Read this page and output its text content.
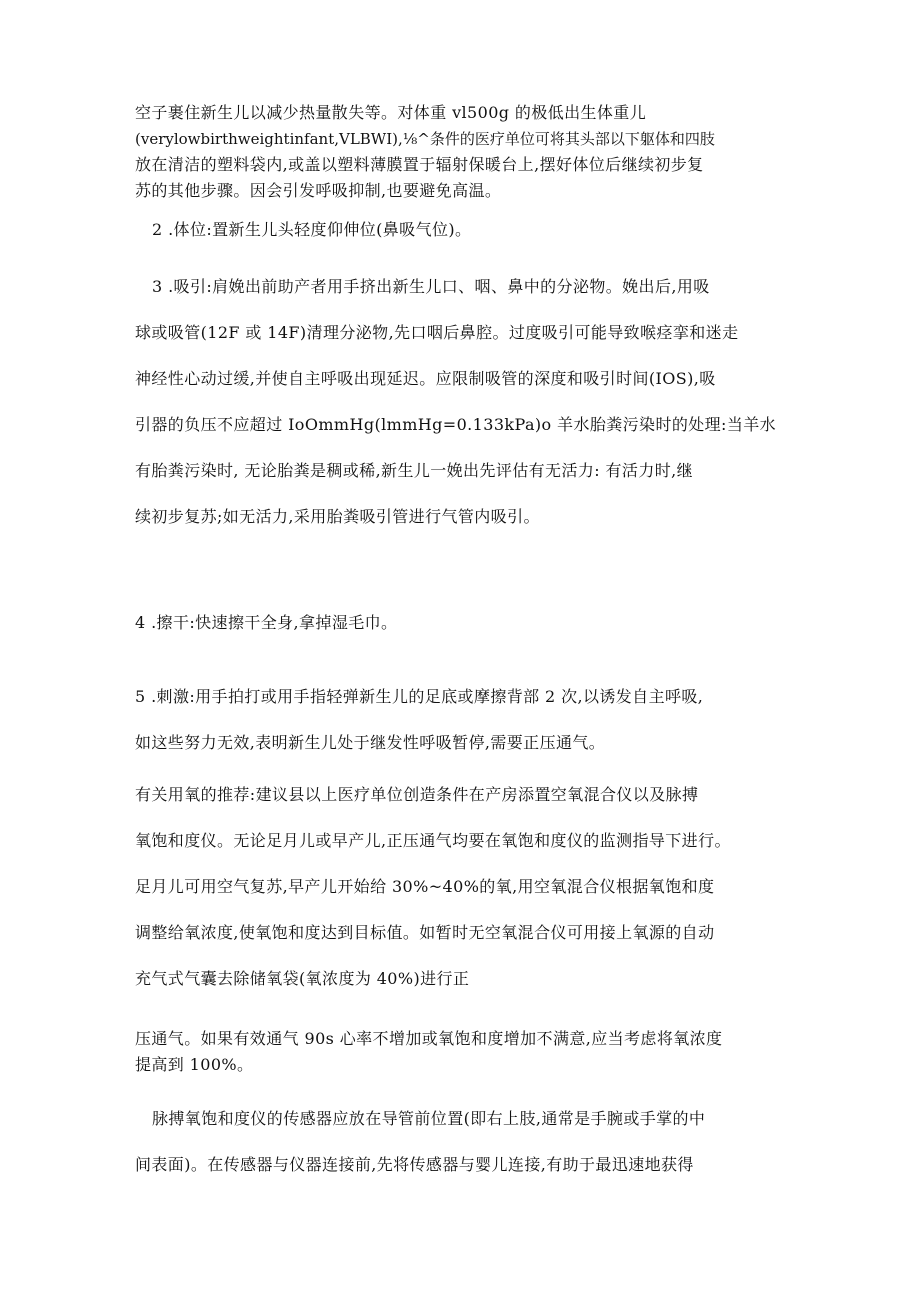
空子裹住新生儿以减少热量散失等。对体重 vl500g 的极低出生体重儿
(verylowbirthweightinfant,VLBWI),⅛^条件的医疗单位可将其头部以下躯体和四肢
放在清洁的塑料袋内,或盖以塑料薄膜置于辐射保暖台上,摆好体位后继续初步复
苏的其他步骤。因会引发呼吸抑制,也要避免高温。
2 .体位:置新生儿头轻度仰伸位(鼻吸气位)。
3 .吸引:肩娩出前助产者用手挤出新生儿口、咽、鼻中的分泌物。娩出后,用吸
球或吸管(12F 或 14F)清理分泌物,先口咽后鼻腔。过度吸引可能导致喉痉挛和迷走
神经性心动过缓,并使自主呼吸出现延迟。应限制吸管的深度和吸引时间(IOS),吸
引器的负压不应超过 IoOmmHg(lmmHg=0.133kPa)o 羊水胎粪污染时的处理:当羊水
有胎粪污染时, 无论胎粪是稠或稀,新生儿一娩出先评估有无活力: 有活力时,继
续初步复苏;如无活力,采用胎粪吸引管进行气管内吸引。
4 .擦干:快速擦干全身,拿掉湿毛巾。
5 .刺激:用手拍打或用手指轻弹新生儿的足底或摩擦背部 2 次,以诱发自主呼吸,
如这些努力无效,表明新生儿处于继发性呼吸暂停,需要正压通气。
有关用氧的推荐:建议县以上医疗单位创造条件在产房添置空氧混合仪以及脉搏
氧饱和度仪。无论足月儿或早产儿,正压通气均要在氧饱和度仪的监测指导下进行。
足月儿可用空气复苏,早产儿开始给 30%~40%的氧,用空氧混合仪根据氧饱和度
调整给氧浓度,使氧饱和度达到目标值。如暂时无空氧混合仪可用接上氧源的自动
充气式气囊去除储氧袋(氧浓度为 40%)进行正
压通气。如果有效通气 90s 心率不增加或氧饱和度增加不满意,应当考虑将氧浓度
提高到 100%。
脉搏氧饱和度仪的传感器应放在导管前位置(即右上肢,通常是手腕或手掌的中
间表面)。在传感器与仪器连接前,先将传感器与婴儿连接,有助于最迅速地获得
